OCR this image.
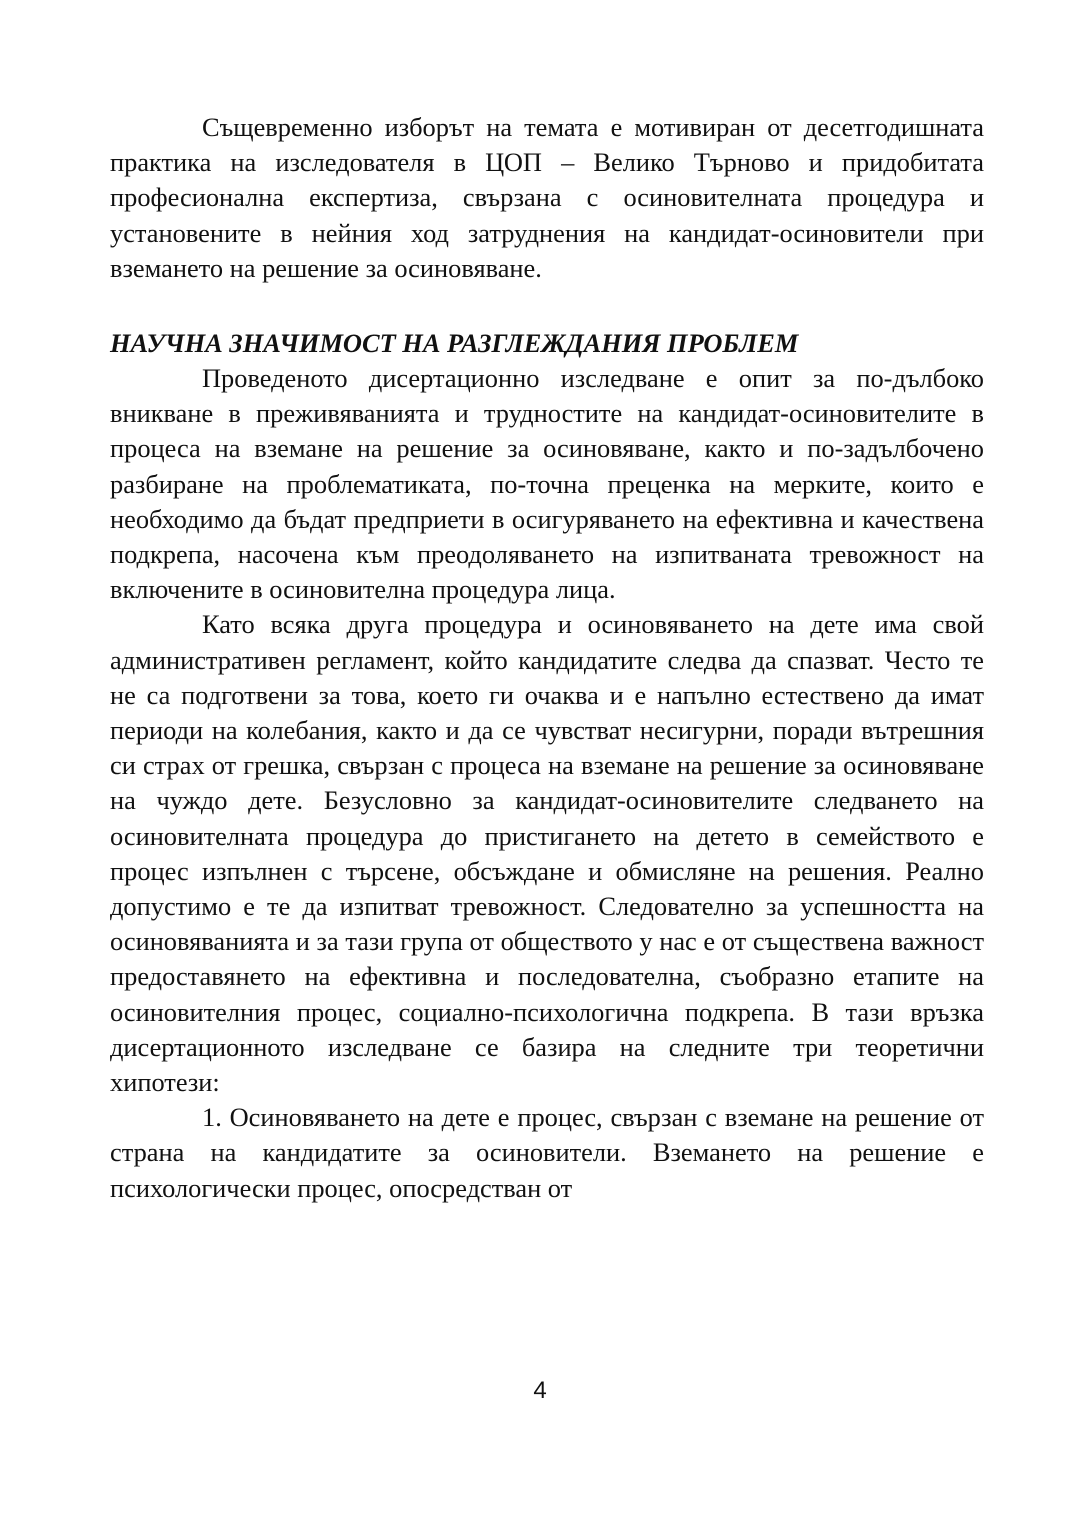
Същевременно изборът на темата е мотивиран от десетгодишната практика на изследователя в ЦОП – Велико Търново и придобитата професионална експертиза, свързана с осиновителната процедура и установените в нейния ход затруднения на кандидат-осиновители при вземането на решение за осиновяване.

НАУЧНА ЗНАЧИМОСТ НА РАЗГЛЕЖДАНИЯ ПРОБЛЕМ

Проведеното дисертационно изследване е опит за по-дълбоко вникване в преживяванията и трудностите на кандидат-осиновителите в процеса на вземане на решение за осиновяване, както и по-задълбочено разбиране на проблематиката, по-точна преценка на мерките, които е необходимо да бъдат предприети в осигуряването на ефективна и качествена подкрепа, насочена към преодоляването на изпитваната тревожност на включените в осиновителна процедура лица.

Като всяка друга процедура и осиновяването на дете има свой административен регламент, който кандидатите следва да спазват. Често те не са подготвени за това, което ги очаква и е напълно естествено да имат периоди на колебания, както и да се чувстват несигурни, поради вътрешния си страх от грешка, свързан с процеса на вземане на решение за осиновяване на чуждо дете. Безусловно за кандидат-осиновителите следването на осиновителната процедура до пристигането на детето в семейството е процес изпълнен с търсене, обсъждане и обмисляне на решения. Реално допустимо е те да изпитват тревожност. Следователно за успешността на осиновяванията и за тази група от обществото у нас е от съществена важност предоставянето на ефективна и последователна, съобразно етапите на осиновителния процес, социално-психологична подкрепа. В тази връзка дисертационното изследване се базира на следните три теоретични хипотези:

1. Осиновяването на дете е процес, свързан с вземане на решение от страна на кандидатите за осиновители. Вземането на решение е психологически процес, опосредстван от

4
